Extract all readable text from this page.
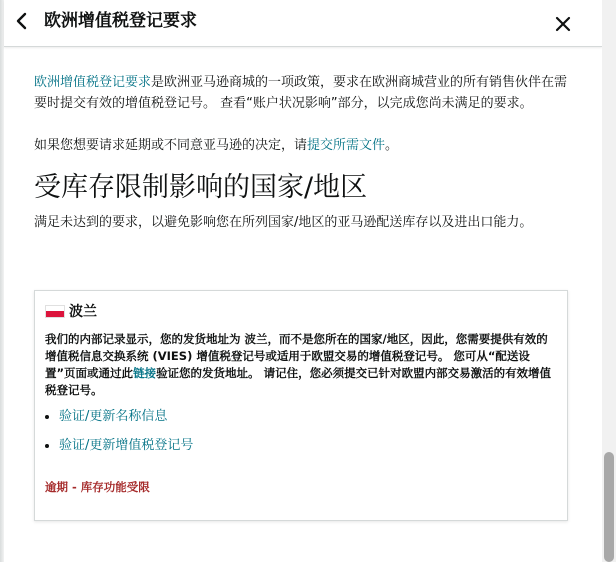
欧洲增值税登记要求

欧洲增值税登记要求是欧洲亚马逊商城的一项政策，要求在欧洲商城营业的所有销售伙伴在需要时提交有效的增值税登记号。 查看“账户状况影响”部分，以完成您尚未满足的要求。

如果您想要请求延期或不同意亚马逊的决定，请提交所需文件。

受库存限制影响的国家/地区

满足未达到的要求，以避免影响您在所列国家/地区的亚马逊配送库存以及进出口能力。

波兰

我们的内部记录显示，您的发货地址为 波兰，而不是您所在的国家/地区，因此，您需要提供有效的增值税信息交换系统 (VIES) 增值税登记号或适用于欧盟交易的增值税登记号。 您可从“配送设置”页面或通过此链接验证您的发货地址。 请记住，您必须提交已针对欧盟内部交易激活的有效增值税登记号。

验证/更新名称信息
验证/更新增值税登记号
逾期 - 库存功能受限
